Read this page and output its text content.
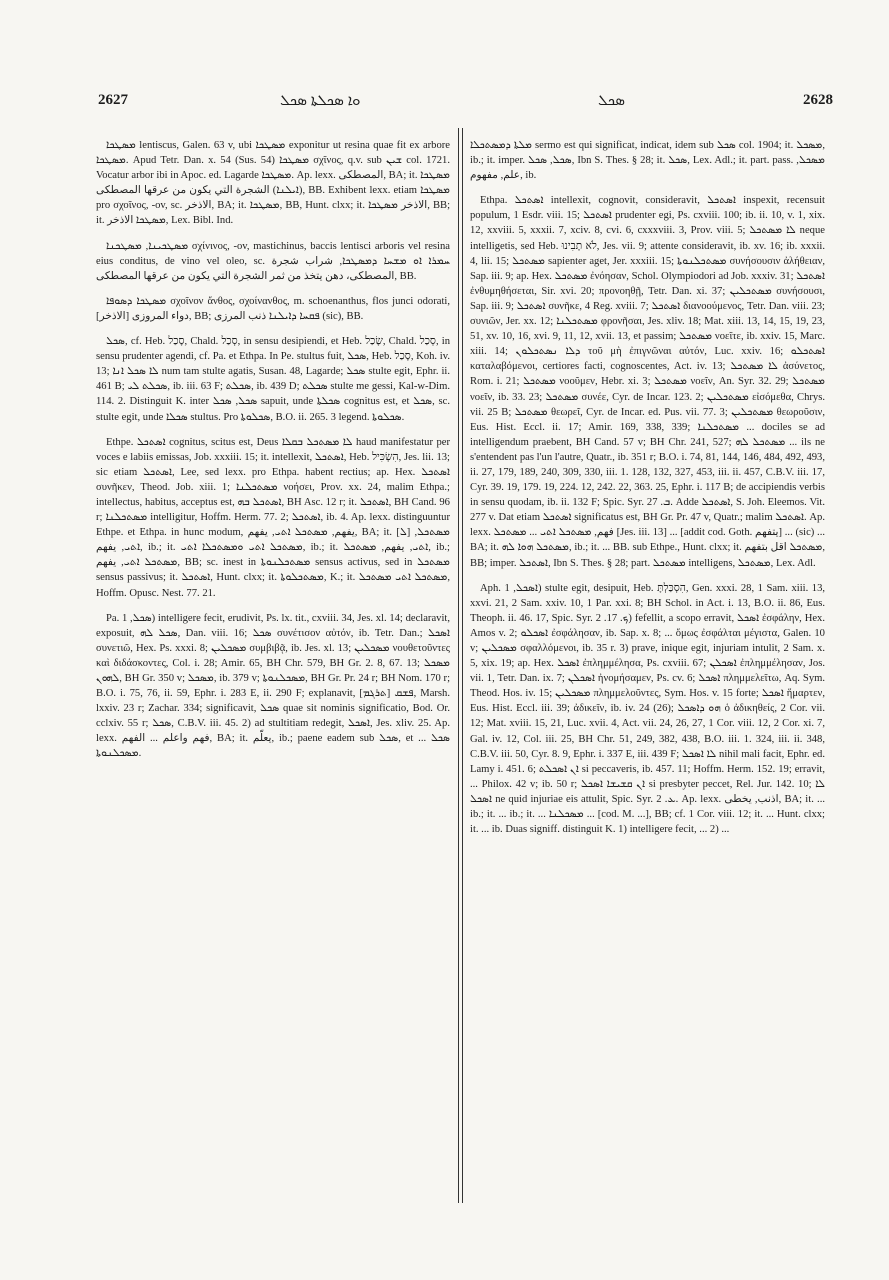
2627	ܘܐ ܣܟܠܬܐ ܣܟܠ	ܣܟܠ	2628

ܡܣܛܟܐ lentiscus, Galen. 63 v, ubi ܡܣܛܟܐ exponitur ut resina quae fit ex arbore ܡܣܛܟܐ. Apud Tetr. Dan. x. 54 (Sus. 54) ܡܣܛܟܐ σχῖνος, q.v. sub ܫܝܢ col. 1721. Vocatur arbor ibi in Apoc. ed. Lagarde ܡܣܛܟܐ. Ap. lexx. المصطكى, BA; it. ܡܣܛܟܐ (ܐܝܠܢܐ) الشجرة التي يكون من عرقها المصطكى, BB. Exhibent lexx. etiam ܡܣܛܟܐ pro σχοῖνος, -ov, sc. الاذخر, BA; it. ܡܣܛܟܐ, BB, Hunt. clxx; it. الاذخر ܡܣܛܟܐ, BB; it. ܡܣܛܟܐ الاذخر, Lex. Bibl. Ind.

ܡܣܛܟܝܢܐ, ܡܣܛܟܢܐ σχίνινος, -ov, mastichinus, baccis lentisci arboris vel resina eius conditus, de vino vel oleo, sc. ܚܡܪܐ ܐܘ ܡܫܚܐ ܕܡܣܛܟܐ, شراب شجرة المصطكى، دهن يتخذ من ثمر الشجرة التي يكون من عرقها المصطكى, BB.

ܡܣܛܟܐ ܕܣܘܦܐ σχοῖνον ἄνθος, σχοίνανθος, m. schoenanthus, flos junci odorati, [الاذخر] دواء المروزى, BB; ܦܩܚܐ ܕܐܝܠܢܐ ذنب المرزى (sic), BB.

ܣܟܠ, cf. Heb. סָכַל, Chald. סְכַל, in sensu desipiendi, et Heb. שָׂכַל, Chald. סְכַל, in sensu prudenter agendi, cf. Pa. et Ethpa. In Pe. stultus fuit, ܣܟܠ, Heb. סָכַל, Koh. iv. 13; ܠܐ ܣܟܠ ܐܢܐ num tam stulte agatis, Susan. 48, Lagarde; ܣܟܠ stulte egit, Ephr. ii. 461 B; ܣܟܠܬ ܠܝ, ib. iii. 63 F; ܣܟܠܬ, ib. 439 D; ܣܟܠܬ stulte me gessi, Kal-w-Dim. 114. 2. Distinguit K. inter ܣܟܠ, ܣܟܠ sapuit, unde ܣܟܠܬܐ cognitus est, et ܣܟܠ, sc. stulte egit, unde ܣܟܠܐ stultus. Pro ܣܟܠܘܬܐ, B.O. ii. 265. 3 legend. ܣܟܠܘܬܐ.

Ethpe. ܐܣܬܟܠ cognitus, scitus est, Deus ܠܐ ܡܣܬܟܠ ܒܩܠܐ haud manifestatur per voces e labiis emissas, Job. xxxiii. 15; it. intellexit, ܐܣܬܟܠ, Heb. הִשְׂכִּיל, Jes. lii. 13; sic etiam ܐܣܬܟܠ, Lee, sed lexx. pro Ethpa. habent rectius; ap. Hex. ܐܣܬܟܠ συνῆκεν, Theod. Job. xiii. 1; ܡܣܬܟܠܢܐ νοήσει, Prov. xx. 24, malim Ethpa.; intellectus, habitus, acceptus est, ܐܣܬܟܠ ܒܗ, BH Asc. 12 r; it. ܐܣܬܟܠ, BH Cand. 96 r; ܡܣܬܟܠܢܐ intelligitur, Hoffm. Herm. 77. 2; ܐܣܬܟܠ, ib. 4. Ap. lexx. distinguuntur Ethpe. et Ethpa. in hunc modum, يفهم, ܡܣܬܟܠ ܐܬܝ, يفهم, BA; it. [ܠ] ܡܣܬܟܠ, ܐܬܝ, يفهم, ib.; it. ܡܣܬܟܠ ܐܬܝ ܘܡܣܬܟܠܐ ܐܬܝ, ib.; it. ܐܬܝ, يفهم, ܡܣܬܟܠ, ib.; ܡܣܬܟܠ ܐܬܝ, يفهم, BB; sc. inest in ܡܣܬܟܠܢܘܬܐ sensus activus, sed in ܡܣܬܟܠ sensus passivus; it. ܐܣܬܟܠ, Hunt. clxx; it. ܡܣܬܟܠܘܬܐ, K.; it. ܡܣܬܟܠ ܐܬܝ ܡܣܬܟܠ, Hoffm. Opusc. Nest. 77. 21.

Pa. ܣܟܠ, 1) intelligere fecit, erudivit, Ps. lx. tit., cxviii. 34, Jes. xl. 14; declaravit, exposuit, ܣܟܠ ܠܗ, Dan. viii. 16; ܣܟܠ συνέτισον αὐτόν, ib. Tetr. Dan.; ܐܣܟܠ συνετιῶ, Hex. Ps. xxxi. 8; ܡܣܟܠܝܢ συμβιβᾷ, ib. Jes. xl. 13; ܡܣܟܠܝܢ νουθετοῦντες καὶ διδάσκοντες, Col. i. 28; Amir. 65, BH Chr. 579, BH Gr. 2. 8, 67. 13; ܡܣܟܠ ܠܗܘܢ, BH Gr. 350 v; ܡܣܟܠ, ib. 379 v; ܡܣܟܠܢܘܬܐ, BH Gr. Pr. 24 r; BH Nom. 170 r; B.O. i. 75, 76, ii. 59, Ephr. i. 283 E, ii. 290 F; explanavit, ܦܫܩ [ܬܪܓܡ], Marsh. lxxiv. 23 r; Zachar. 334; significavit, ܣܟܠ quae sit nominis significatio, Bod. Or. cclxiv. 55 r; ܣܟܠ, C.B.V. iii. 45. 2) ad stultitiam redegit, ܐܣܟܠ, Jes. xliv. 25. Ap. lexx. فهم واعلم ... الفهم, BA; it. يعلّم, ib.; paene eadem sub ܣܟܠ, et ܣܟܠ ... ܡܣܟܠܢܘܬܐ.

ܡܠܬܐ ܕܡܣܬܟܠܐ sermo est qui significat, indicat, idem sub ܣܟܠ col. 1904; it. ܡܣܟܠ, ib.; it. imper. ܣܟܠ, ܣܟܠ, Ibn S. Thes. § 28; it. ܣܟܠ, Lex. Adl.; it. part. pass. ܡܣܟܠ, علم, مفهوم, ib.

Ethpa. ܐܣܬܟܠ intellexit, cognovit, consideravit, ܐܣܬܟܠ inspexit, recensuit populum, 1 Esdr. viii. 15; ܐܣܬܟܠ prudenter egi, Ps. cxviii. 100; ib. ii. 10, v. 1, xix. 12, xxviii. 5, xxxii. 7, xciv. 8, cvi. 6, cxxxviii. 3, Prov. viii. 5; ܠܐ ܡܣܬܟܠ neque intelligetis, sed Heb. לֹא תָבִינוּ, Jes. vii. 9; attente consideravit, ib. xv. 16; ib. xxxii. 4, lii. 15; ܡܣܬܟܠ sapienter aget, Jer. xxxiii. 15; ܡܣܬܟܠܢܘܬܐ συνήσουσιν ἀλήθειαν, Sap. iii. 9; ap. Hex. ܡܣܬܟܠ ἐνόησαν, Schol. Olympiodori ad Job. xxxiv. 31; ܐܣܬܟܠ ἐνθυμηθήσεται, Sir. xvi. 20; προνοηθῇ, Tetr. Dan. xi. 37; ܡܣܬܟܠܝܢ συνήσουσι, Sap. iii. 9; ܐܣܬܟܠ συνῆκε, 4 Reg. xviii. 7; ܐܣܬܟܠ διανοούμενος, Tetr. Dan. viii. 23; συνιῶν, Jer. xx. 12; ܡܣܬܟܠܢܐ φρονῆσαι, Jes. xliv. 18; Mat. xiii. 13, 14, 15, 19, 23, 51, xv. 10, 16, xvi. 9, 11, 12, xvii. 13, et passim; ܡܣܬܟܠ νοεῖτε, ib. xxiv. 15, Marc. xiii. 14; ܕܠܐ ܢܣܬܟܠܘܢ τοῦ μὴ ἐπιγνῶναι αὐτόν, Luc. xxiv. 16; ܐܣܬܟܠܘ καταλαβόμενοι, certiores facti, cognoscentes, Act. iv. 13; ܠܐ ܡܣܬܟܠ ἀσύνετος, Rom. i. 21; ܡܣܬܟܠ νοοῦμεν, Hebr. xi. 3; ܡܣܬܟܠ νοεῖν, An. Syr. 32. 29; ܡܣܬܟܠ νοεῖν, ib. 33. 23; ܡܣܬܟܠ συνέε, Cyr. de Incar. 123. 2; ܡܣܬܟܠܝܢ εἰσόμεθα, Chrys. vii. 25 B; ܡܣܬܟܠ θεωρεῖ, Cyr. de Incar. ed. Pus. vii. 77. 3; ܡܣܬܟܠܝܢ θεωροῦσιν, Eus. Hist. Eccl. ii. 17; Amir. 169, 338, 339; ܡܣܬܟܠܢܐ ... dociles se ad intelligendum praebent, BH Cand. 57 v; BH Chr. 241, 527; ܡܣܬܟܠ ܠܗ ... ils ne s'entendent pas l'un l'autre, Quatr., ib. 351 r; B.O. i. 74, 81, 144, 146, 484, 492, 493, ii. 27, 179, 189, 240, 309, 330, iii. 1. 128, 132, 327, 453, iii. ii. 457, C.B.V. iii. 17, Cyr. 39. 19, 179. 19, 224. 12, 242. 22, 363. 25, Ephr. i. 117 B; de accipiendis verbis in sensu quodam, ib. ii. 132 F; Spic. Syr. ܒ. 27. Adde ܐܣܬܟܠ, S. Joh. Eleemos. Vit. 277 v. Dat etiam ܐܣܬܟܠ significatus est, BH Gr. Pr. 47 v, Quatr.; malim ܐܣܬܟܠ. Ap. lexx. فهم, ܡܣܬܟܠ ܐܬܝ ... ܡܣܬܟܠ [Jes. iii. 13] ... [addit cod. Goth. يتفهم] ... (sic) ... BA; it. ܡܣܬܟܠ ܗܘܐ ܠܗ, ib.; it. ... BB. sub Ethpe., Hunt. clxx; it. ܡܣܬܟܠ اقل بتفهم, BB; imper. ܐܣܬܟܠ, Ibn S. Thes. § 28; part. ܡܣܬܟܠ intelligens, ܡܣܬܟܠ, Lex. Adl.

Aph. ܐܣܟܠ, 1) stulte egit, desipuit, Heb. הִסְכַּלְתָּ, Gen. xxxi. 28, 1 Sam. xiii. 13, xxvi. 21, 2 Sam. xxiv. 10, 1 Par. xxi. 8; BH Schol. in Act. i. 13, B.O. ii. 86, Eus. Theoph. ii. 46. 17, Spic. Syr. ܟ. 17. 2) fefellit, a scopo erravit, ܐܣܟܠ ἐσφάλην, Hex. Amos v. 2; ܐܣܟܠܘ ἐσφάλησαν, ib. Sap. x. 8; ... ὅμως ἐσφάλται μέγιστα, Galen. 10 v; ܡܣܟܠܝܢ σφαλλόμενοι, ib. 35 r. 3) prave, inique egit, injuriam intulit, 2 Sam. x. 5, xix. 19; ap. Hex. ܐܣܟܠ ἐπλημμέλησα, Ps. cxviii. 67; ܐܣܟܠܢ ἐπλημμέλησαν, Jos. vii. 1, Tetr. Dan. ix. 7; ܐܣܟܠܢ ἠνομήσαμεν, Ps. cv. 6; ܐܣܟܠ πλημμελεῖτω, Aq. Sym. Theod. Hos. iv. 15; ܡܣܟܠܝܢ πλημμελοῦντες, Sym. Hos. v. 15 forte; ܐܣܟܠ ἥμαρτεν, Eus. Hist. Eccl. iii. 39; ἀδικεῖν, ib. iv. 24 (26); ܗܘ ܕܐܣܟܠ ὁ ἀδικηθείς, 2 Cor. vii. 12; Mat. xviii. 15, 21, Luc. xvii. 4, Act. vii. 24, 26, 27, 1 Cor. viii. 12, 2 Cor. xi. 7, Gal. iv. 12, Col. iii. 25, BH Chr. 51, 249, 382, 438, B.O. iii. 1. 324, iii. ii. 348, C.B.V. iii. 50, Cyr. 8. 9, Ephr. i. 337 E, iii. 439 F; ܠܐ ܐܣܟܠ nihil mali facit, Ephr. ed. Lamy i. 451. 6; ܐܢ ܐܣܟܠܬ si peccaveris, ib. 457. 11; Hoffm. Herm. 152. 19; erravit, ... Philox. 42 v; ib. 50 r; ܐܢ ܩܫܝܫܐ ܐܣܟܠ si presbyter peccet, Rel. Jur. 142. 10; ܠܐ ܐܣܟܠ ne quid injuriae eis attulit, Spic. Syr. ܥ. 2. Ap. lexx. اذنب, يخطى, BA; it. ... ib.; it. ... ib.; it. ... ܡܣܟܠܢܐ ... [cod. M. ...], BB; cf. 1 Cor. viii. 12; it. ... Hunt. clxx; it. ... ib. Duas signiff. distinguit K. 1) intelligere fecit, ... 2) ...
